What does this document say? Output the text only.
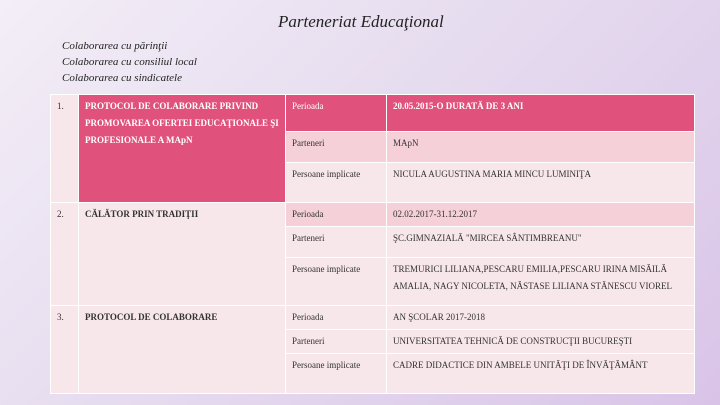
Parteneriat Educaţional
Colaborarea cu părinţii
Colaborarea cu consiliul local
Colaborarea cu sindicatele
1.	PROTOCOL DE COLABORARE PRIVIND PROMOVAREA OFERTEI EDUCAŢIONALE ŞI PROFESIONALE A MApN	Perioada	20.05.2015-O DURATĂ DE 3 ANI
		Parteneri	MApN
		Persoane implicate	NICULA AUGUSTINA MARIA MINCU LUMINIŢA
2.	CĂLĂTOR PRIN TRADIŢII	Perioada	02.02.2017-31.12.2017
		Parteneri	ŞC.GIMNAZIALĂ "MIRCEA SÂNTIMBREANU"
		Persoane implicate	TREMURICI LILIANA,PESCARU EMILIA,PESCARU IRINA MISĂILĂ AMALIA, NAGY NICOLETA, NĂSTASE LILIANA STĂNESCU VIOREL
3.	PROTOCOL DE COLABORARE	Perioada	AN ŞCOLAR 2017-2018
		Parteneri	UNIVERSITATEA TEHNICĂ DE CONSTRUCŢII BUCUREŞTI
		Persoane implicate	CADRE DIDACTICE DIN AMBELE UNITĂŢI DE ÎNVĂŢĂMÂNT
